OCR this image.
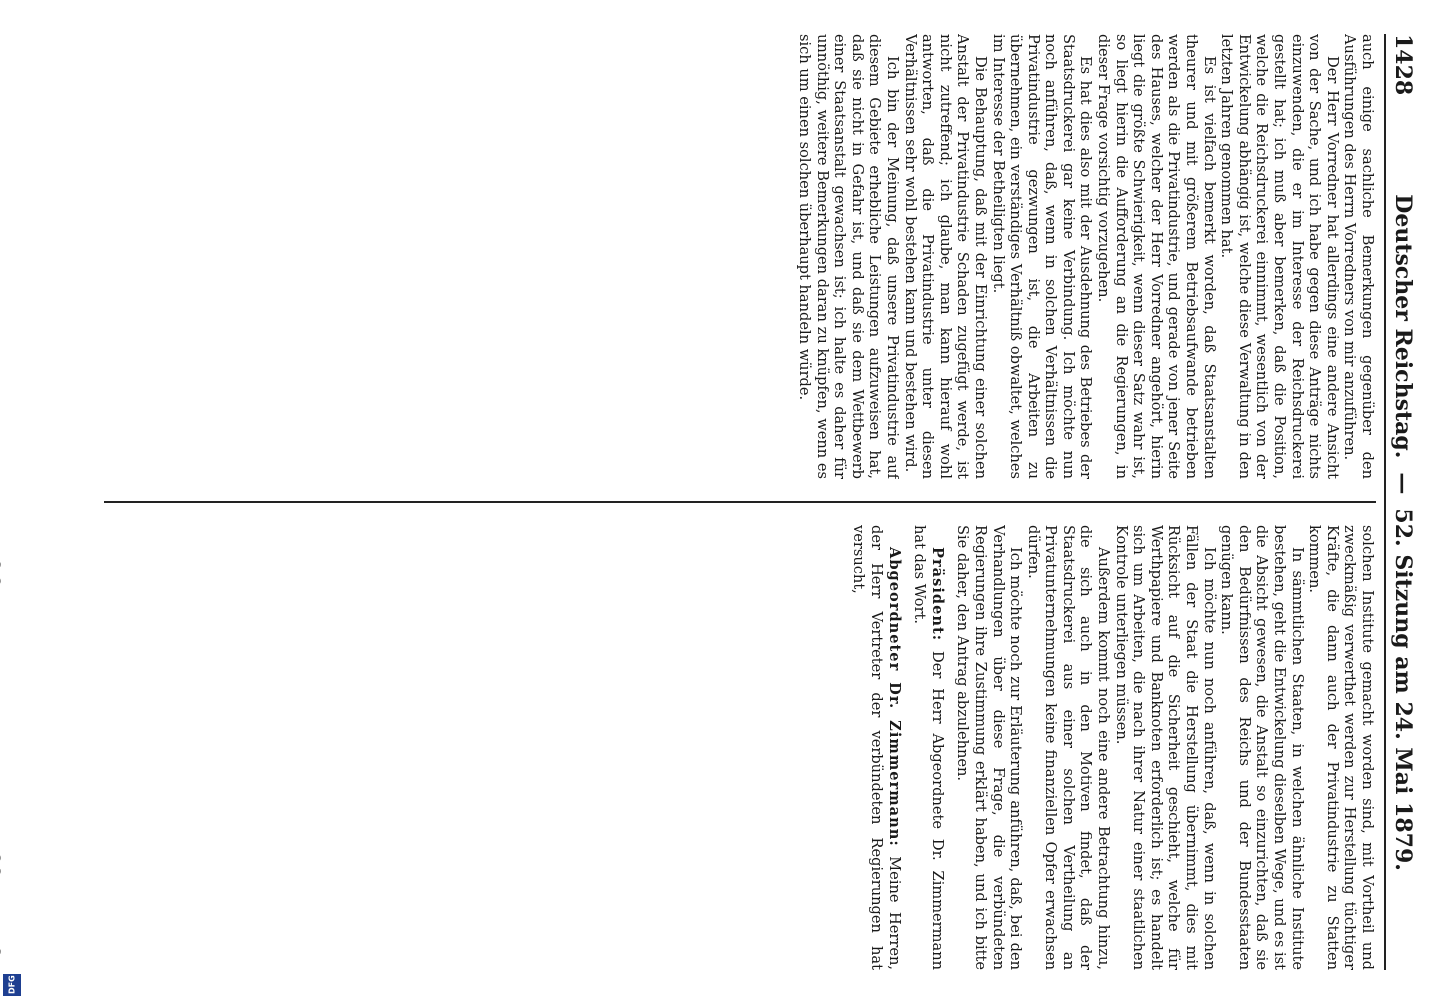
1428
Deutscher Reichstag.
—
52. Sitzung am 24. Mai 1879.

auch einige sachliche Bemerkungen gegenüber den Ausführungen des Herrn Vorredners von mir anzuführen.

Der Herr Vorredner hat allerdings eine andere Ansicht von der Sache, und ich habe gegen diese Anträge nichts einzuwenden, die er im Interesse der Reichsdruckerei gestellt hat; ich muß aber bemerken, daß die Position, welche die Reichsdruckerei einnimmt, wesentlich von der Entwickelung abhängig ist, welche diese Verwaltung in den letzten Jahren genommen hat.

Es ist vielfach bemerkt worden, daß Staatsanstalten theurer und mit größerem Betriebsaufwande betrieben werden als die Privatindustrie, und gerade von jener Seite des Hauses, welcher der Herr Vorredner angehört, hierin liegt die größte Schwierigkeit, wenn dieser Satz wahr ist, so liegt hierin die Aufforderung an die Regierungen, in dieser Frage vorsichtig vorzugehen.

Es hat dies also mit der Ausdehnung des Betriebes der Staatsdruckerei gar keine Verbindung. Ich möchte nun noch anführen, daß, wenn in solchen Verhältnissen die Privatindustrie gezwungen ist, die Arbeiten zu übernehmen, ein verständiges Verhältniß obwaltet, welches im Interesse der Betheiligten liegt.

Die Behauptung, daß mit der Einrichtung einer solchen Anstalt der Privatindustrie Schaden zugefügt werde, ist nicht zutreffend; ich glaube, man kann hierauf wohl antworten, daß die Privatindustrie unter diesen Verhältnissen sehr wohl bestehen kann und bestehen wird.

Ich bin der Meinung, daß unsere Privatindustrie auf diesem Gebiete erhebliche Leistungen aufzuweisen hat, daß sie nicht in Gefahr ist, und daß sie dem Wettbewerb einer Staatsanstalt gewachsen ist; ich halte es daher für unnöthig, weitere Bemerkungen daran zu knüpfen, wenn es sich um einen solchen überhaupt handeln würde.

solchen Institute gemacht worden sind, mit Vortheil und zweckmäßig verwerthet werden zur Herstellung tüchtiger Kräfte, die dann auch der Privatindustrie zu Statten kommen.

In sämmtlichen Staaten, in welchen ähnliche Institute bestehen, geht die Entwickelung dieselben Wege, und es ist die Absicht gewesen, die Anstalt so einzurichten, daß sie den Bedürfnissen des Reichs und der Bundesstaaten genügen kann.

Ich möchte nun noch anführen, daß, wenn in solchen Fällen der Staat die Herstellung übernimmt, dies mit Rücksicht auf die Sicherheit geschieht, welche für Werthpapiere und Banknoten erforderlich ist; es handelt sich um Arbeiten, die nach ihrer Natur einer staatlichen Kontrole unterliegen müssen.

Außerdem kommt noch eine andere Betrachtung hinzu, die sich auch in den Motiven findet, daß der Staatsdruckerei aus einer solchen Vertheilung an Privatunternehmungen keine finanziellen Opfer erwachsen dürfen.

Ich möchte noch zur Erläuterung anführen, daß, bei den Verhandlungen über diese Frage, die verbündeten Regierungen ihre Zustimmung erklärt haben, und ich bitte Sie daher, den Antrag abzulehnen.

Präsident: Der Herr Abgeordnete Dr. Zimmermann hat das Wort.

Abgeordneter Dr. Zimmermann: Meine Herren, der Herr Vertreter der verbündeten Regierungen hat versucht,

DFG
